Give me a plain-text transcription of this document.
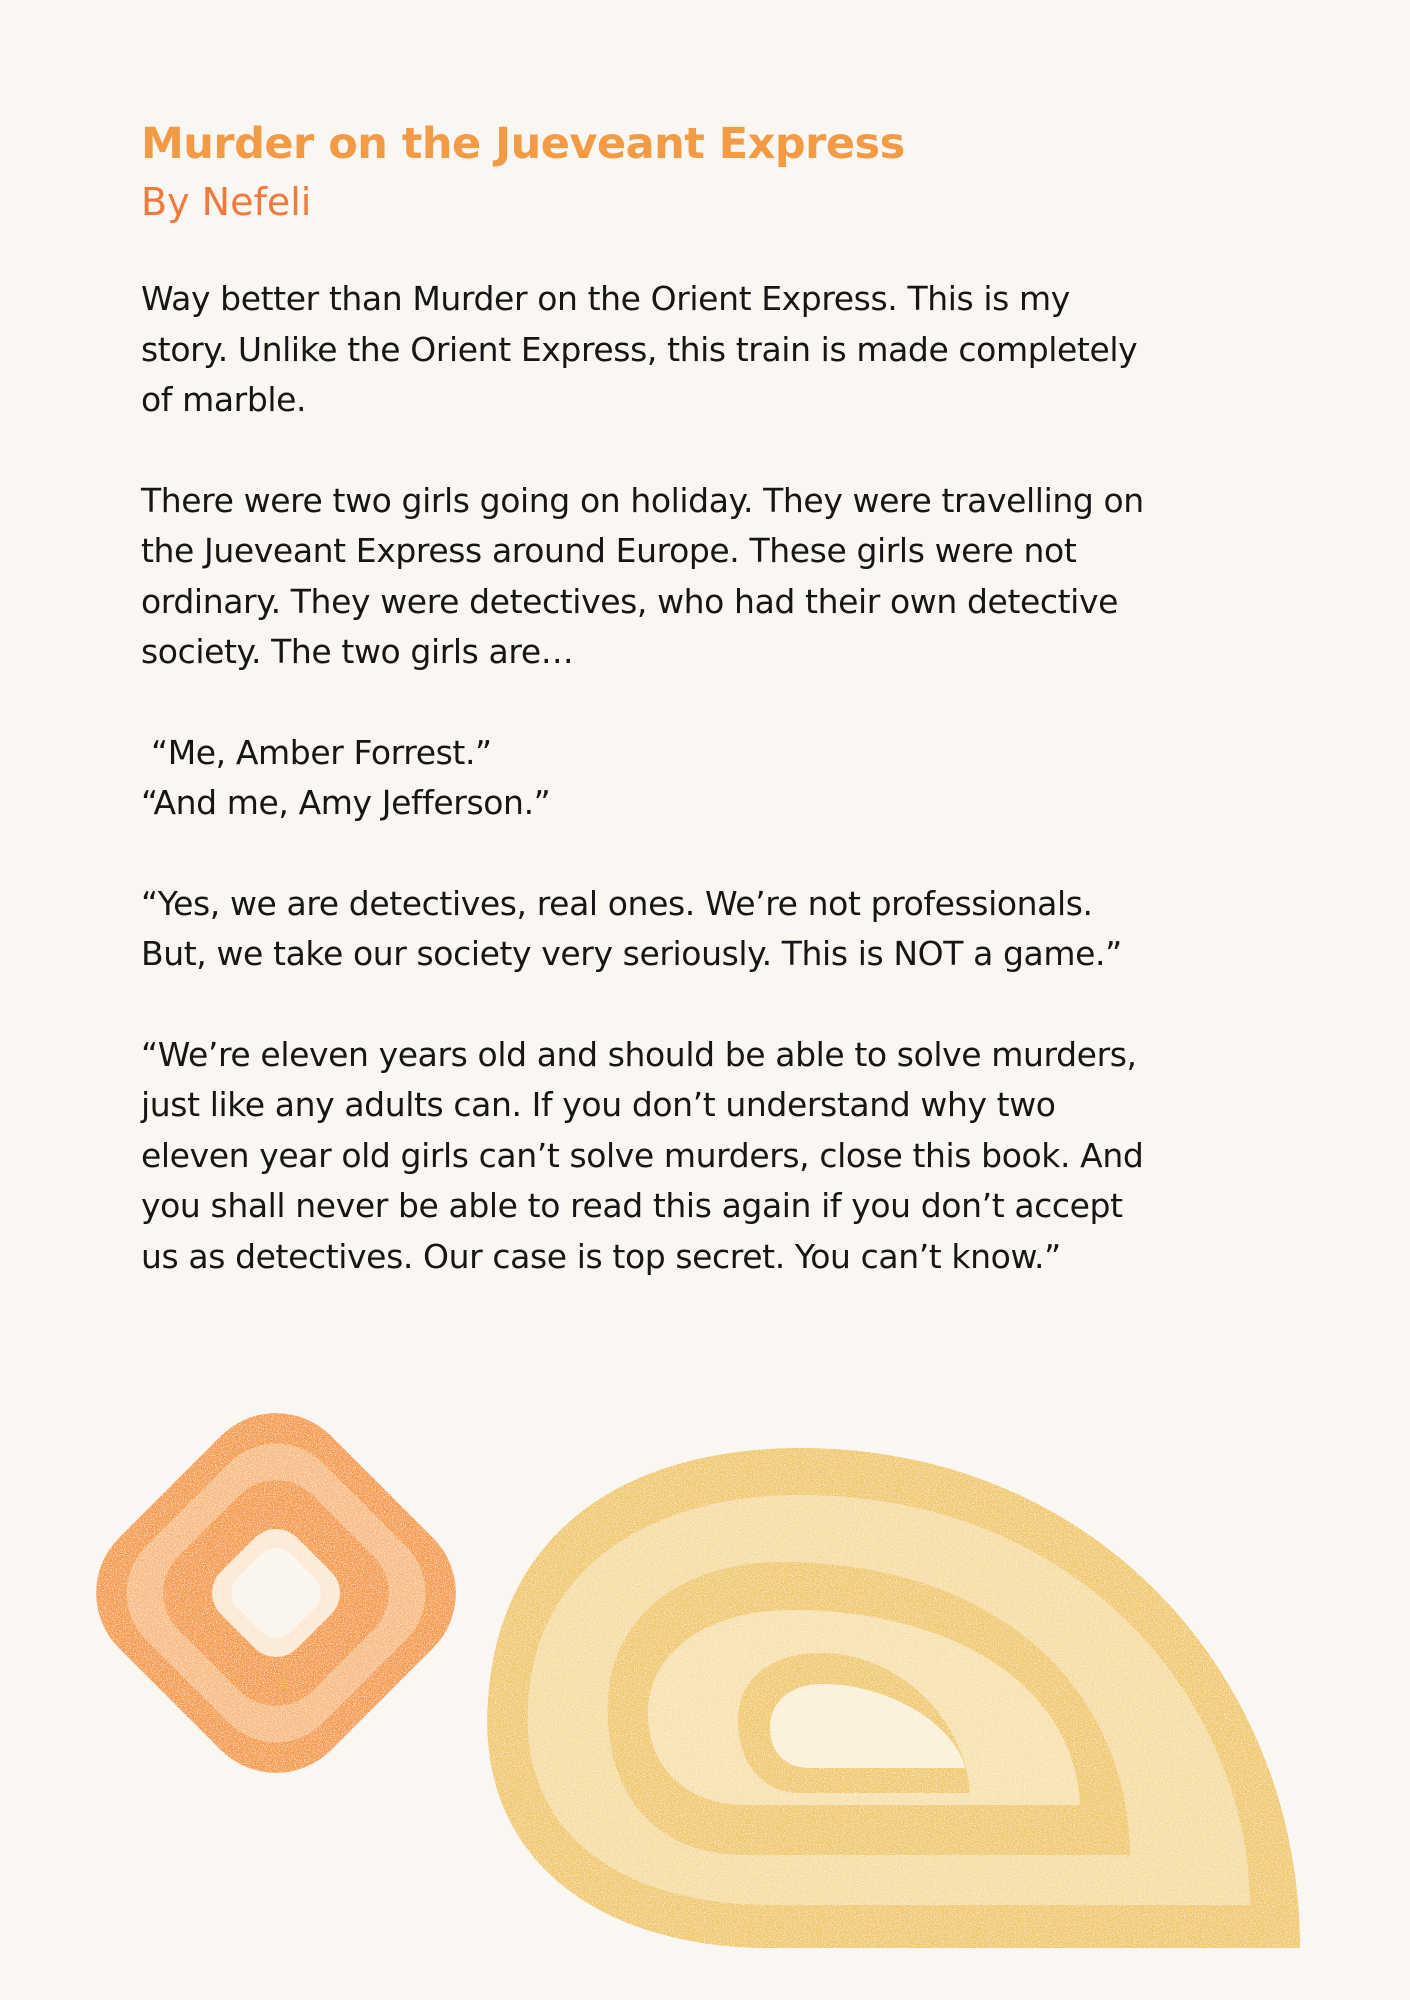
Murder on the Jueveant Express
By Nefeli

Way better than Murder on the Orient Express. This is my
story. Unlike the Orient Express, this train is made completely
of marble.

There were two girls going on holiday. They were travelling on
the Jueveant Express around Europe. These girls were not
ordinary. They were detectives, who had their own detective
society. The two girls are…

“Me, Amber Forrest.”
“And me, Amy Jefferson.”

“Yes, we are detectives, real ones. We’re not professionals.
But, we take our society very seriously. This is NOT a game.”

“We’re eleven years old and should be able to solve murders,
just like any adults can. If you don’t understand why two
eleven year old girls can’t solve murders, close this book. And
you shall never be able to read this again if you don’t accept
us as detectives. Our case is top secret. You can’t know.”
